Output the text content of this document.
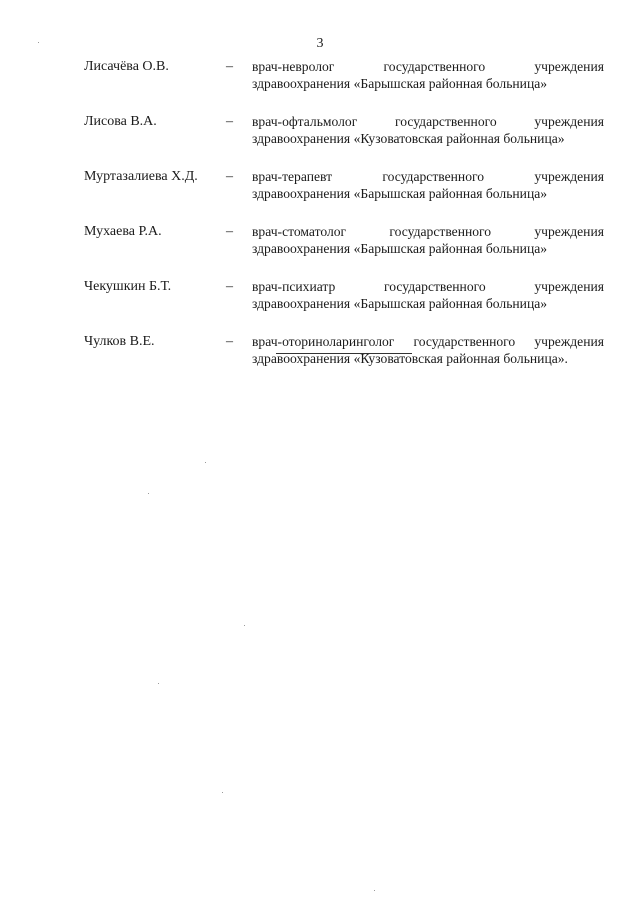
3
Лисачёва О.В.	–	врач-невролог государственного учреждения здравоохранения «Барышская районная больница»
Лисова В.А.	–	врач-офтальмолог государственного учреждения здравоохранения «Кузоватовская районная больница»
Муртазалиева Х.Д.	–	врач-терапевт государственного учреждения здравоохранения «Барышская районная больница»
Мухаева Р.А.	–	врач-стоматолог государственного учреждения здравоохранения «Барышская районная больница»
Чекушкин Б.Т.	–	врач-психиатр государственного учреждения здравоохранения «Барышская районная больница»
Чулков В.Е.	–	врач-оториноларинголог государственного учреждения здравоохранения «Кузоватовская районная больница».
